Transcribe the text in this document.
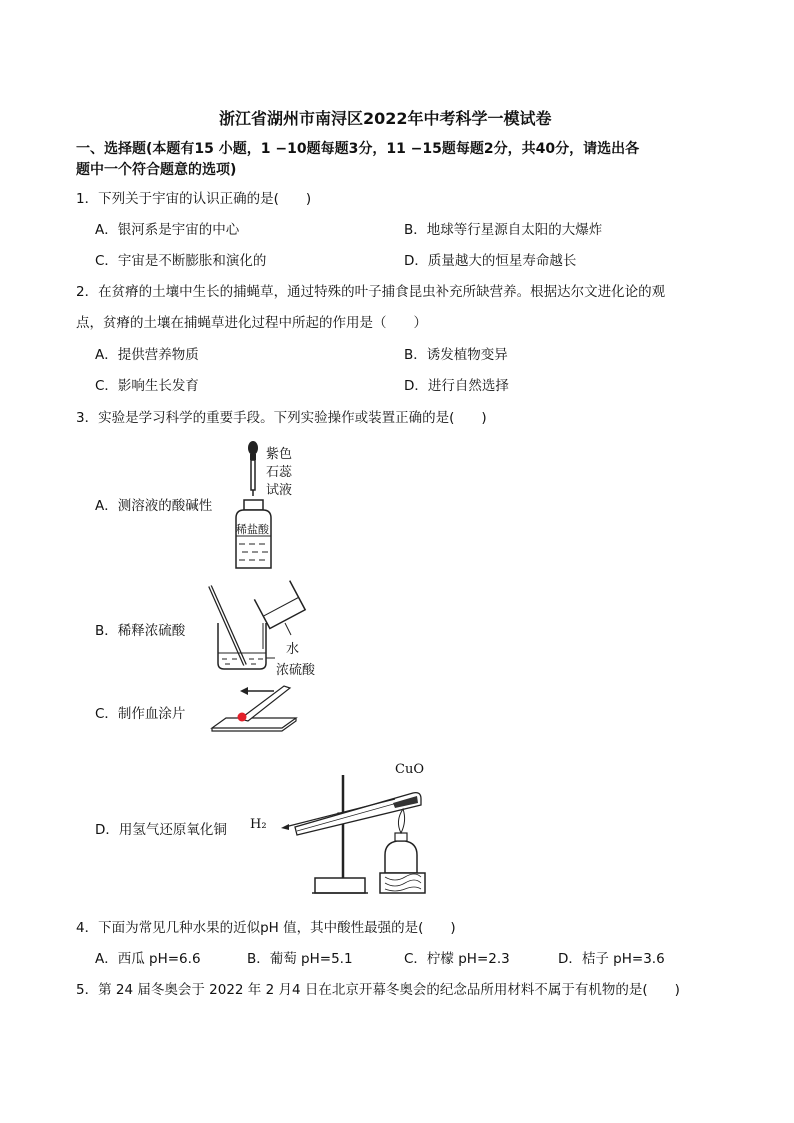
浙江省湖州市南浔区2022年中考科学一模试卷
一、选择题(本题有15 小题，1 −10题每题3分，11 −15题每题2分，共40分，请选出各
题中一个符合题意的选项)
1．下列关于宇宙的认识正确的是(　　)
A．银河系是宇宙的中心	B．地球等行星源自太阳的大爆炸
C．宇宙是不断膨胀和演化的	D．质量越大的恒星寿命越长
2．在贫瘠的土壤中生长的捕蝇草，通过特殊的叶子捕食昆虫补充所缺营养。根据达尔文进化论的观
点，贫瘠的土壤在捕蝇草进化过程中所起的作用是（　　）
A．提供营养物质	B．诱发植物变异
C．影响生长发育	D．进行自然选择
3．实验是学习科学的重要手段。下列实验操作或装置正确的是(　　)
A．测溶液的酸碱性
紫色
石蕊
试液
稀盐酸
B．稀释浓硫酸
水
浓硫酸
C．制作血涂片
D．用氢气还原氧化铜
CuO
H₂
4．下面为常见几种水果的近似pH 值，其中酸性最强的是(　　)
A．西瓜 pH=6.6	B．葡萄 pH=5.1	C．柠檬 pH=2.3	D．桔子 pH=3.6
5．第 24 届冬奥会于 2022 年 2 月4 日在北京开幕冬奥会的纪念品所用材料不属于有机物的是(　　)
